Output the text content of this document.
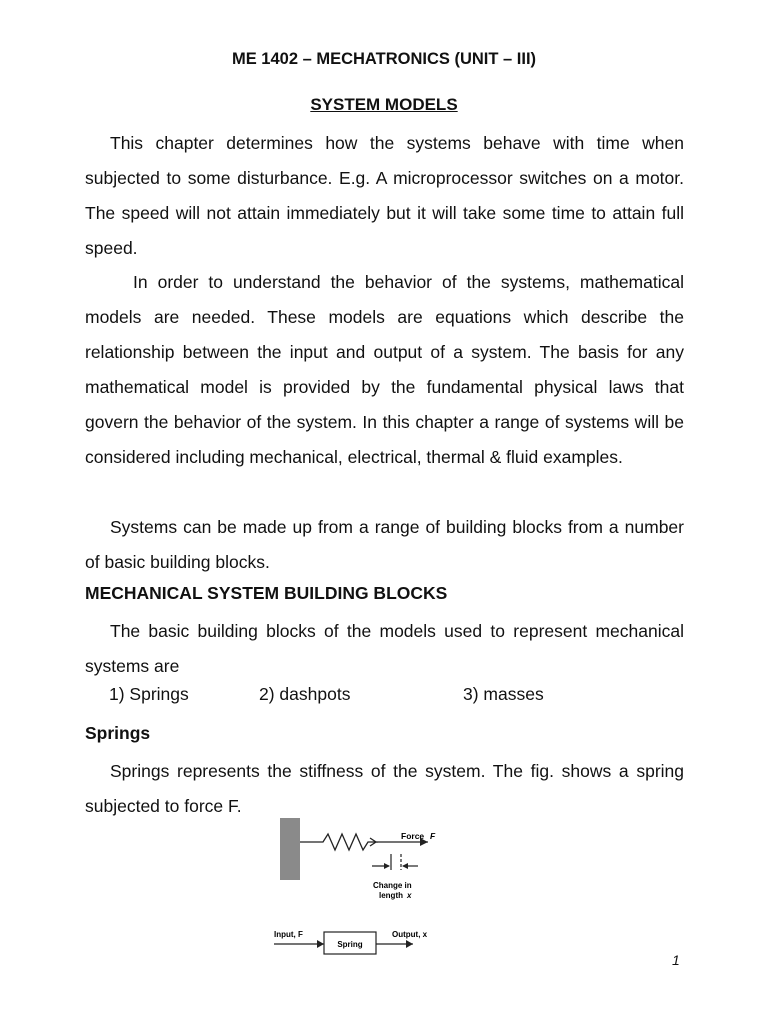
ME 1402 – MECHATRONICS (UNIT – III)
SYSTEM MODELS
This chapter determines how the systems behave with time when subjected to some disturbance. E.g. A microprocessor switches on a motor. The speed will not attain immediately but it will take some time to attain full speed.
In order to understand the behavior of the systems, mathematical models are needed. These models are equations which describe the relationship between the input and output of a system. The basis for any mathematical model is provided by the fundamental physical laws that govern the behavior of the system. In this chapter a range of systems will be considered including mechanical, electrical, thermal & fluid examples.
Systems can be made up from a range of building blocks from a number of basic building blocks.
MECHANICAL SYSTEM BUILDING BLOCKS
The basic building blocks of the models used to represent mechanical systems are
1) Springs	2) dashpots	3) masses
Springs
Springs represents the stiffness of the system. The fig. shows a spring subjected to force F.
Force F
Change in
length x
Input, F
Spring
Output, x
1
